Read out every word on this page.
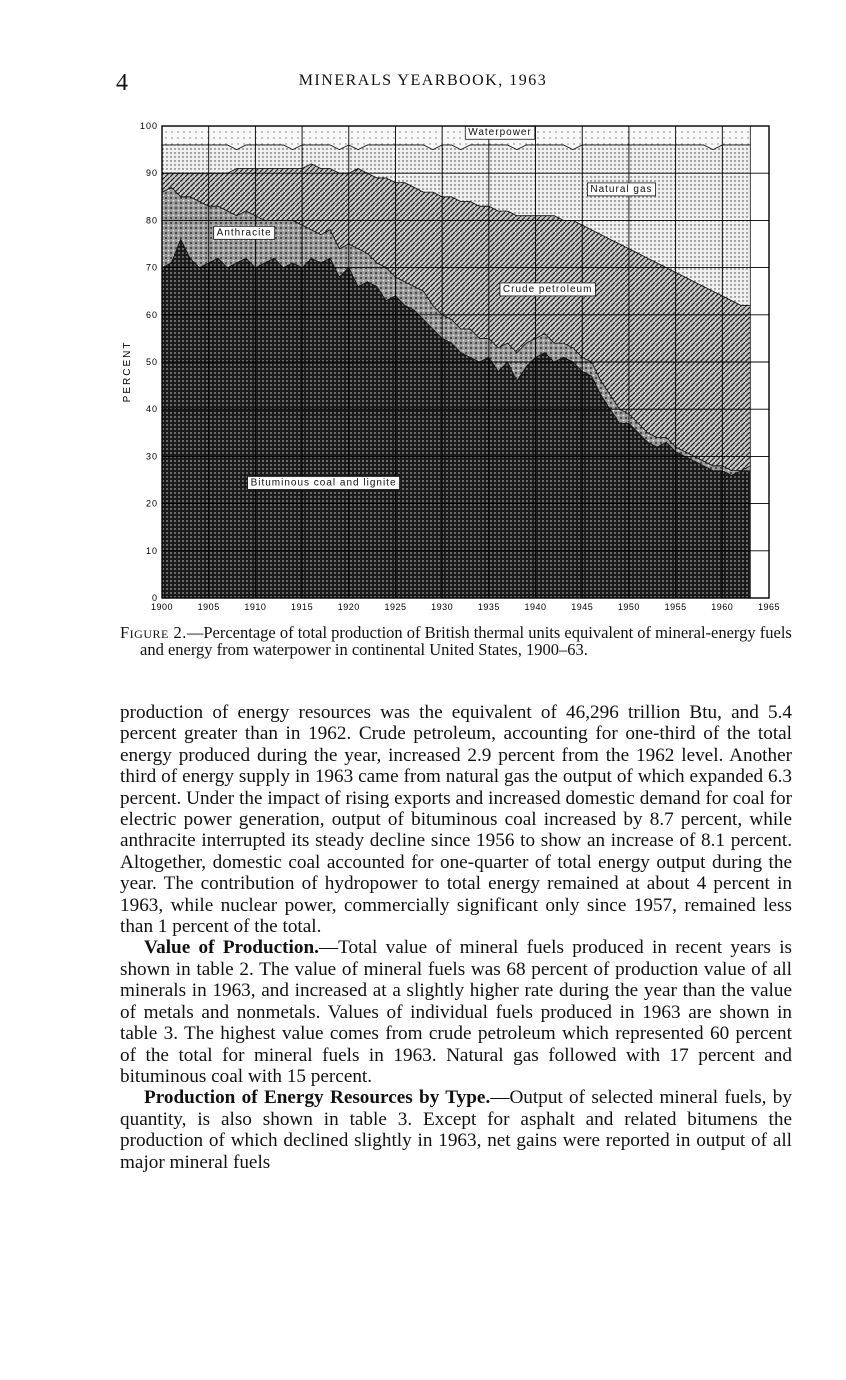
4	MINERALS YEARBOOK, 1963
Bituminous coal and lignite
Anthracite
Crude petroleum
Natural gas
Waterpower
0
10
20
30
40
50
60
70
80
90
100
1900	1905	1910	1915	1920	1925	1930	1935	1940	1945	1950	1955	1960	1965
PERCENT

Figure 2.—Percentage of total production of British thermal units equivalent of mineral-energy fuels and energy from waterpower in continental United States, 1900–63.

production of energy resources was the equivalent of 46,296 trillion Btu, and 5.4 percent greater than in 1962. Crude petroleum, accounting for one-third of the total energy produced during the year, increased 2.9 percent from the 1962 level. Another third of energy supply in 1963 came from natural gas the output of which expanded 6.3 percent. Under the impact of rising exports and increased domestic demand for coal for electric power generation, output of bituminous coal increased by 8.7 percent, while anthracite interrupted its steady decline since 1956 to show an increase of 8.1 percent. Altogether, domestic coal accounted for one-quarter of total energy output during the year. The contribution of hydropower to total energy remained at about 4 percent in 1963, while nuclear power, commercially significant only since 1957, remained less than 1 percent of the total.

Value of Production.—Total value of mineral fuels produced in recent years is shown in table 2. The value of mineral fuels was 68 percent of production value of all minerals in 1963, and increased at a slightly higher rate during the year than the value of metals and nonmetals. Values of individual fuels produced in 1963 are shown in table 3. The highest value comes from crude petroleum which represented 60 percent of the total for mineral fuels in 1963. Natural gas followed with 17 percent and bituminous coal with 15 percent.

Production of Energy Resources by Type.—Output of selected mineral fuels, by quantity, is also shown in table 3. Except for asphalt and related bitumens the production of which declined slightly in 1963, net gains were reported in output of all major mineral fuels
